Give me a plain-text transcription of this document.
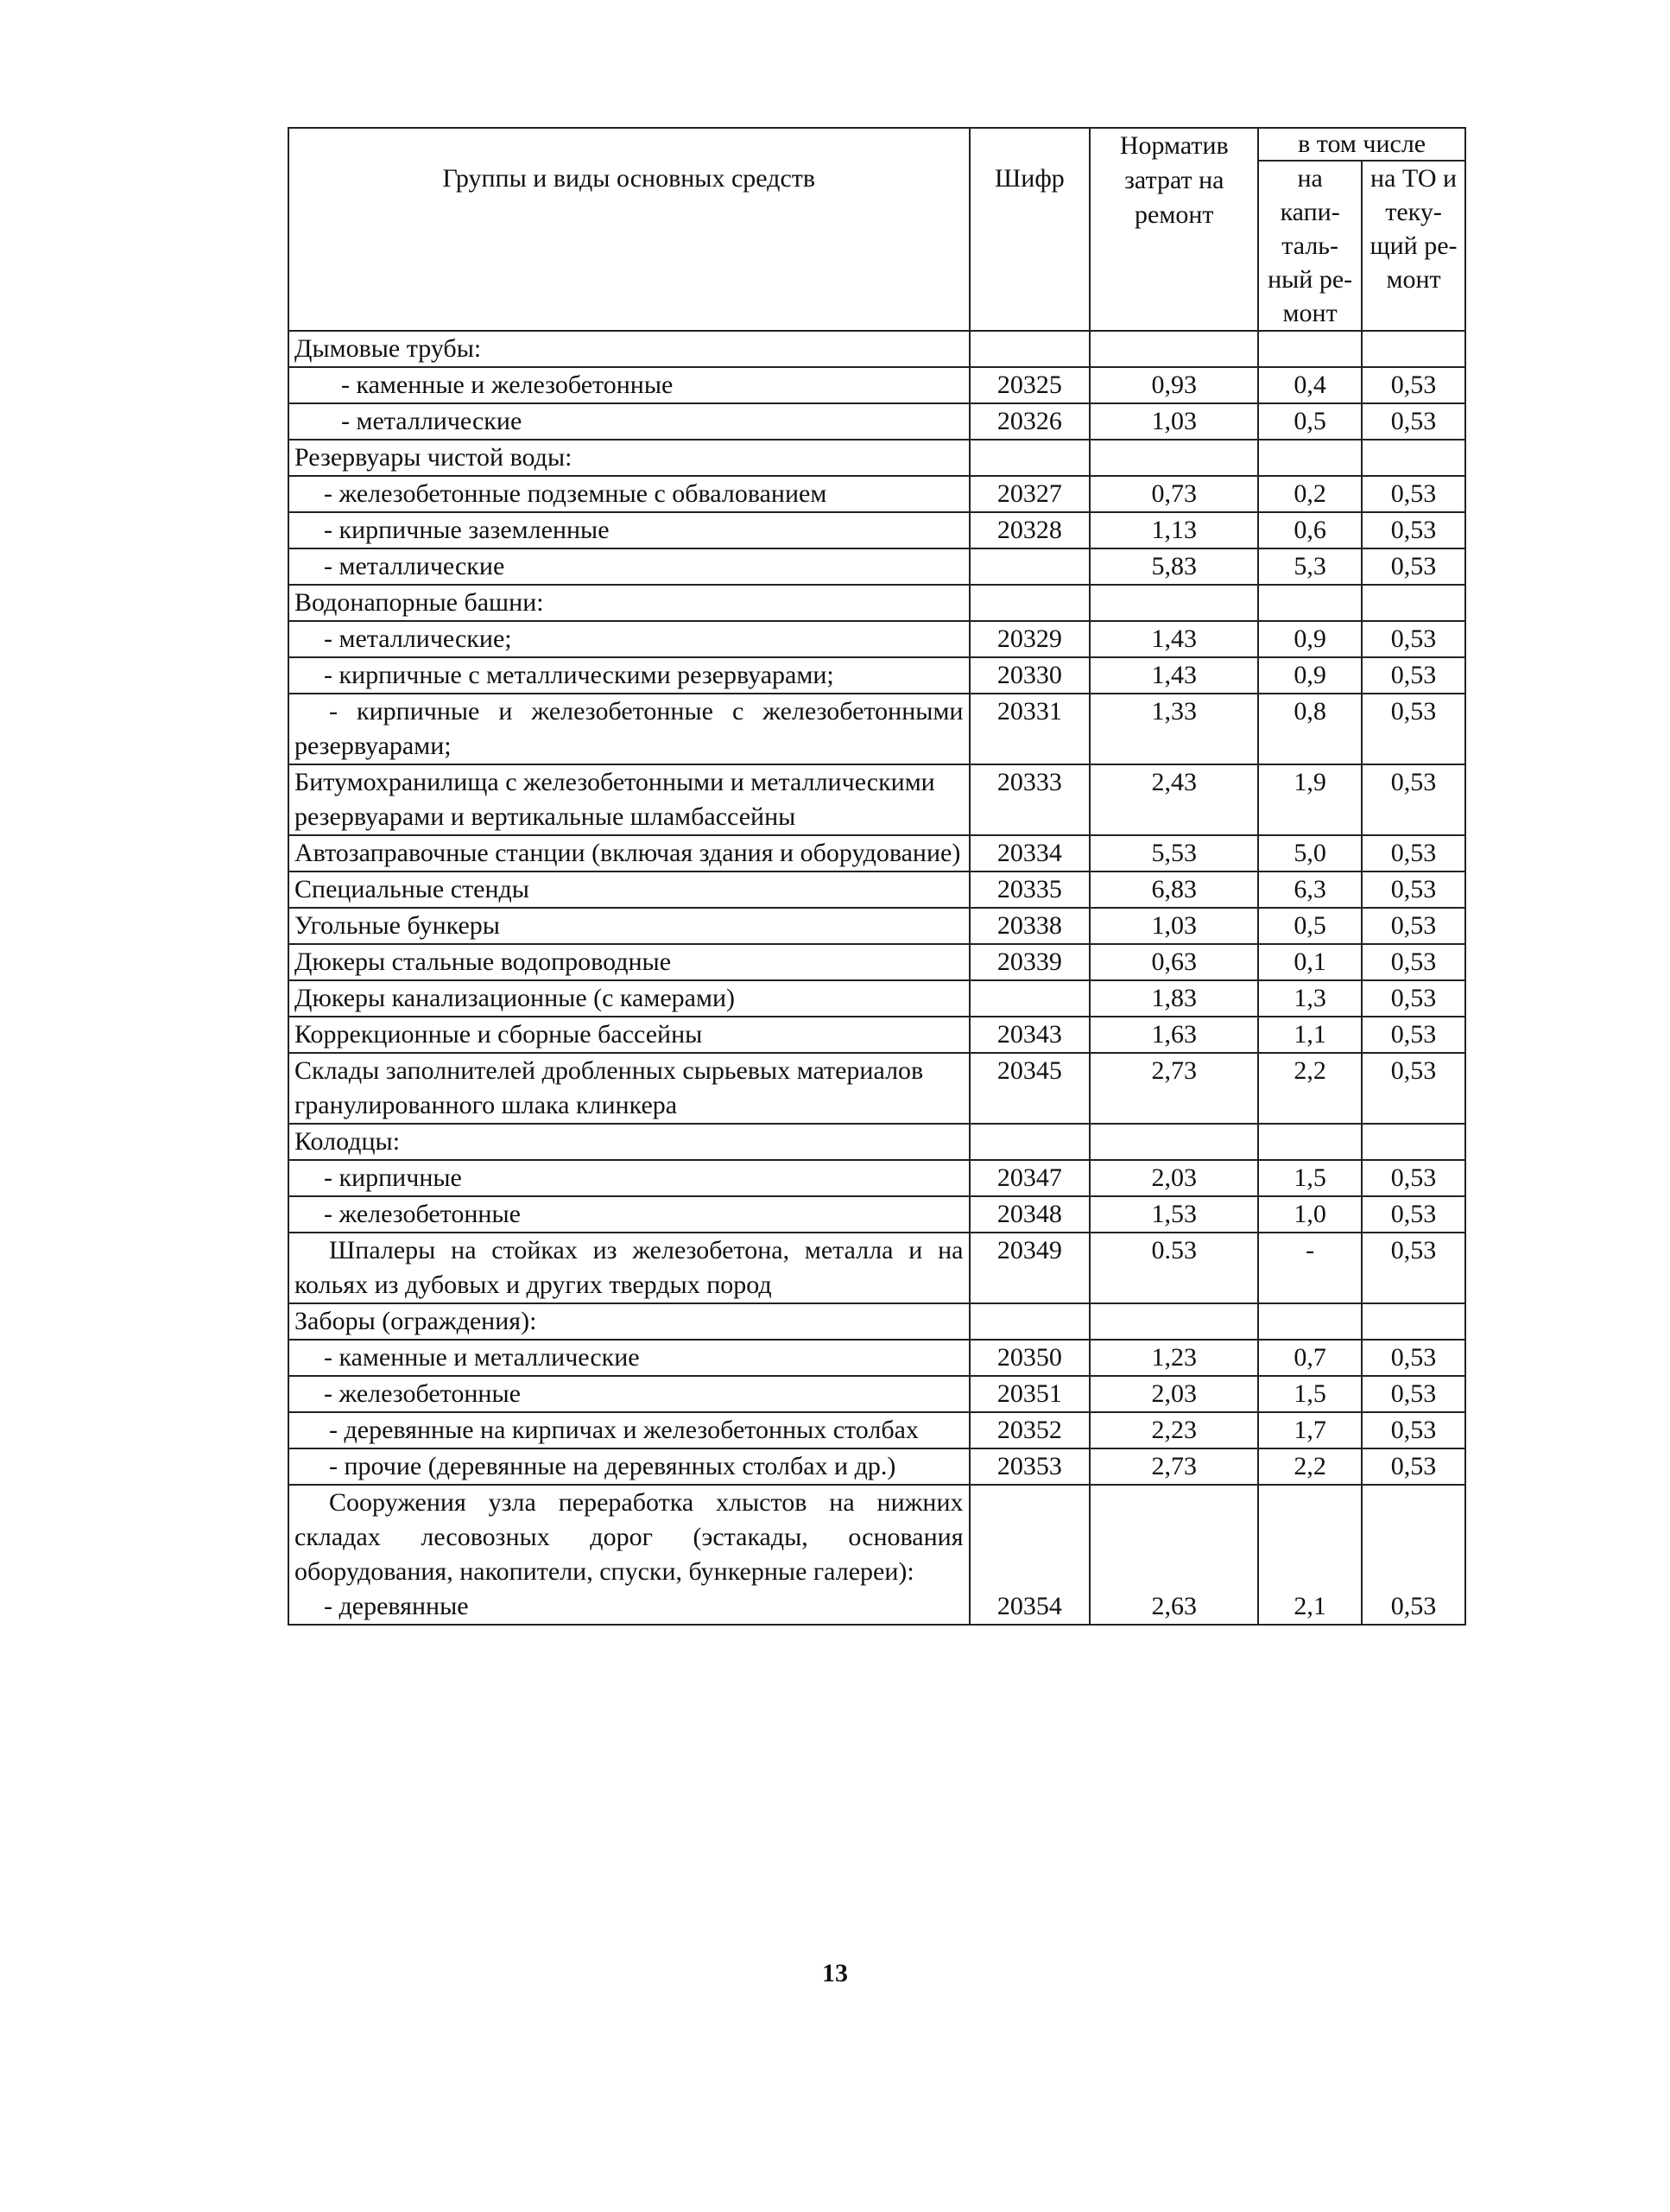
Группы и виды основных средств	Шифр	Норматив затрат на ремонт	в том числе	
			на капи- таль- ный ре- монт	на ТО и теку- щий ре- монт
Дымовые трубы:				
- каменные и железобетонные	20325	0,93	0,4	0,53
- металлические	20326	1,03	0,5	0,53
Резервуары чистой воды:				
- железобетонные подземные с обвалованием	20327	0,73	0,2	0,53
- кирпичные заземленные	20328	1,13	0,6	0,53
- металлические		5,83	5,3	0,53
Водонапорные башни:				
- металлические;	20329	1,43	0,9	0,53
- кирпичные с металлическими резервуарами;	20330	1,43	0,9	0,53
- кирпичные и железобетонные с железобетонными резервуарами;	20331	1,33	0,8	0,53
Битумохранилища с железобетонными и металлическими резервуарами и вертикальные шламбассейны	20333	2,43	1,9	0,53
Автозаправочные станции (включая здания и оборудование)	20334	5,53	5,0	0,53
Специальные стенды	20335	6,83	6,3	0,53
Угольные бункеры	20338	1,03	0,5	0,53
Дюкеры стальные водопроводные	20339	0,63	0,1	0,53
Дюкеры канализационные (с камерами)		1,83	1,3	0,53
Коррекционные и сборные бассейны	20343	1,63	1,1	0,53
Склады заполнителей дробленных сырьевых материалов гранулированного шлака клинкера	20345	2,73	2,2	0,53
Колодцы:				
- кирпичные	20347	2,03	1,5	0,53
- железобетонные	20348	1,53	1,0	0,53
Шпалеры на стойках из железобетона, металла и на кольях из дубовых и других твердых пород	20349	0.53	-	0,53
Заборы (ограждения):				
- каменные и металлические	20350	1,23	0,7	0,53
- железобетонные	20351	2,03	1,5	0,53
- деревянные на кирпичах и железобетонных столбах	20352	2,23	1,7	0,53
- прочие (деревянные на деревянных столбах и др.)	20353	2,73	2,2	0,53
Сооружения узла переработка хлыстов на нижних складах лесовозных дорог (эстакады, основания оборудования, накопители, спуски, бункерные галереи):				
- деревянные	20354	2,63	2,1	0,53
13
